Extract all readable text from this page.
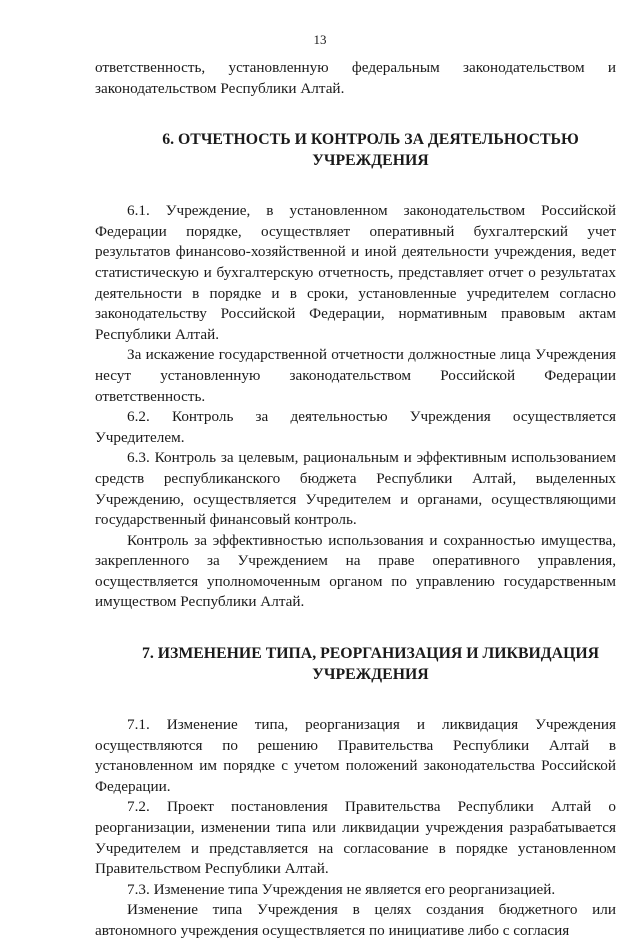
13

ответственность, установленную федеральным законодательством и законодательством Республики Алтай.

6. ОТЧЕТНОСТЬ И КОНТРОЛЬ ЗА ДЕЯТЕЛЬНОСТЬЮ
УЧРЕЖДЕНИЯ

6.1. Учреждение, в установленном законодательством Российской Федерации порядке, осуществляет оперативный бухгалтерский учет результатов финансово-хозяйственной и иной деятельности учреждения, ведет статистическую и бухгалтерскую отчетность, представляет отчет о результатах деятельности в порядке и в сроки, установленные учредителем согласно законодательству Российской Федерации, нормативным правовым актам Республики Алтай.

За искажение государственной отчетности должностные лица Учреждения несут установленную законодательством Российской Федерации ответственность.

6.2. Контроль за деятельностью Учреждения осуществляется Учредителем.

6.3. Контроль за целевым, рациональным и эффективным использованием средств республиканского бюджета Республики Алтай, выделенных Учреждению, осуществляется Учредителем и органами, осуществляющими государственный финансовый контроль.

Контроль за эффективностью использования и сохранностью имущества, закрепленного за Учреждением на праве оперативного управления, осуществляется уполномоченным органом по управлению государственным имуществом Республики Алтай.

7. ИЗМЕНЕНИЕ ТИПА, РЕОРГАНИЗАЦИЯ И ЛИКВИДАЦИЯ
УЧРЕЖДЕНИЯ

7.1. Изменение типа, реорганизация и ликвидация Учреждения осуществляются по решению Правительства Республики Алтай в установленном им порядке с учетом положений законодательства Российской Федерации.

7.2. Проект постановления Правительства Республики Алтай о реорганизации, изменении типа или ликвидации учреждения разрабатывается Учредителем и представляется на согласование в порядке установленном Правительством Республики Алтай.

7.3. Изменение типа Учреждения не является его реорганизацией.

Изменение типа Учреждения в целях создания бюджетного или автономного учреждения осуществляется по инициативе либо с согласия
